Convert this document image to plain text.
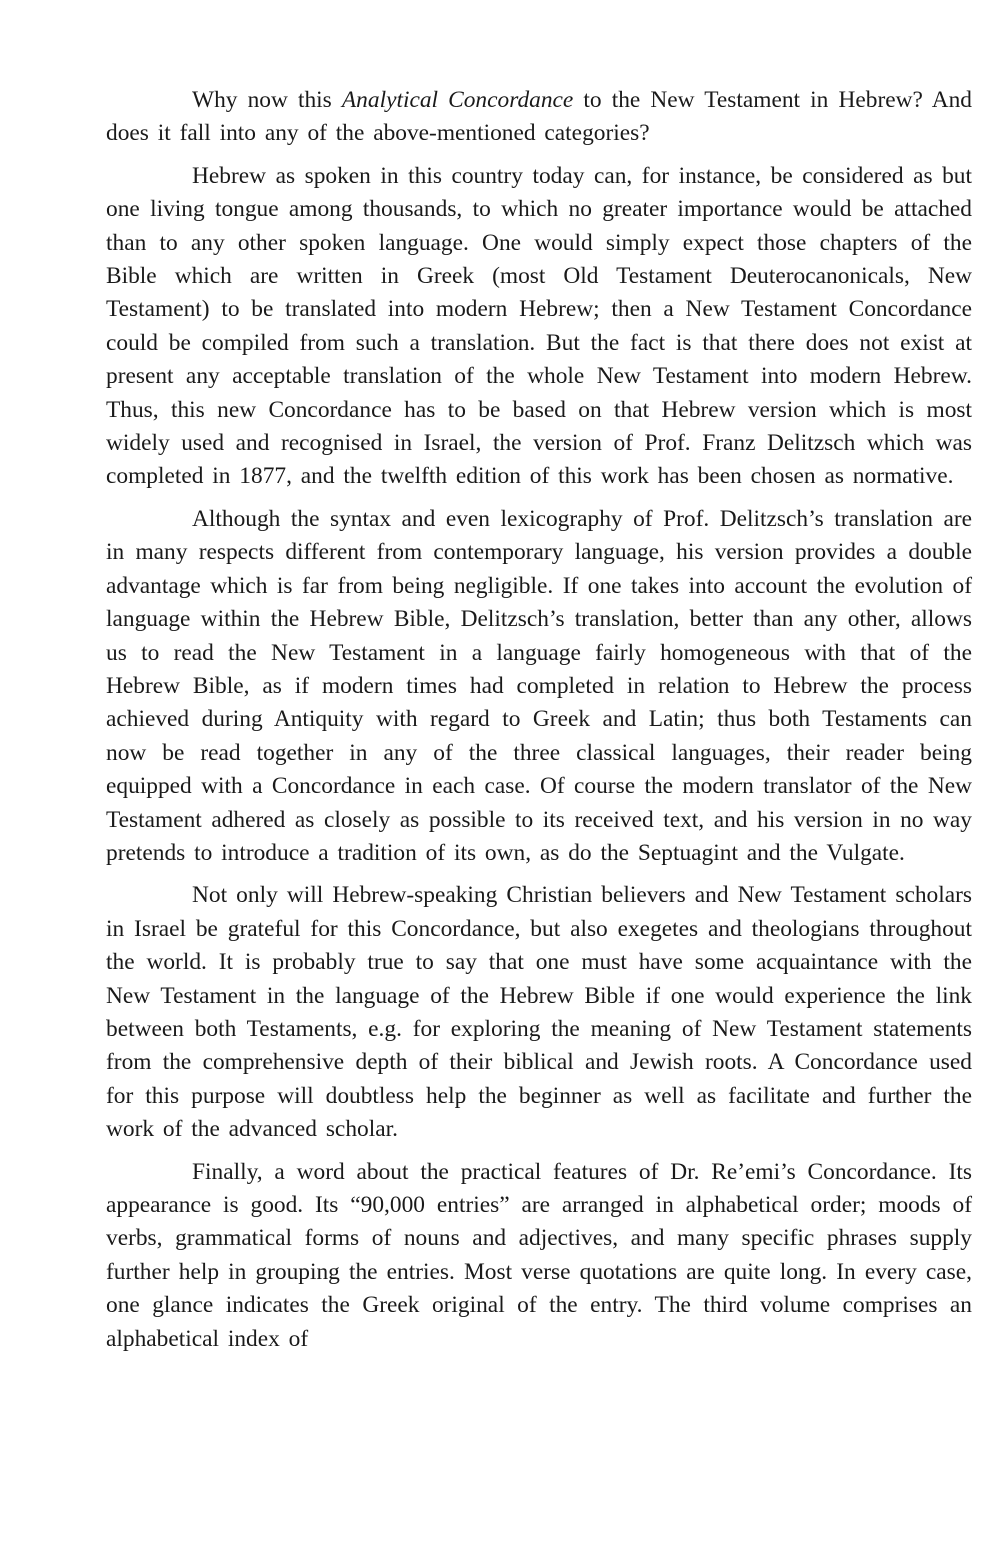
Why now this Analytical Concordance to the New Testament in Hebrew? And does it fall into any of the above-mentioned categories?

Hebrew as spoken in this country today can, for instance, be considered as but one living tongue among thousands, to which no greater importance would be attached than to any other spoken language. One would simply expect those chapters of the Bible which are written in Greek (most Old Testament Deuterocanonicals, New Testament) to be translated into modern Hebrew; then a New Testament Concordance could be compiled from such a translation. But the fact is that there does not exist at present any acceptable translation of the whole New Testament into modern Hebrew. Thus, this new Concordance has to be based on that Hebrew version which is most widely used and recognised in Israel, the version of Prof. Franz Delitzsch which was completed in 1877, and the twelfth edition of this work has been chosen as normative.

Although the syntax and even lexicography of Prof. Delitzsch’s translation are in many respects different from contemporary language, his version provides a double advantage which is far from being negligible. If one takes into account the evolution of language within the Hebrew Bible, Delitzsch’s translation, better than any other, allows us to read the New Testament in a language fairly homogeneous with that of the Hebrew Bible, as if modern times had completed in relation to Hebrew the process achieved during Antiquity with regard to Greek and Latin; thus both Testaments can now be read together in any of the three classical languages, their reader being equipped with a Concordance in each case. Of course the modern translator of the New Testament adhered as closely as possible to its received text, and his version in no way pretends to introduce a tradition of its own, as do the Septuagint and the Vulgate.

Not only will Hebrew-speaking Christian believers and New Testament scholars in Israel be grateful for this Concordance, but also exegetes and theologians throughout the world. It is probably true to say that one must have some acquaintance with the New Testament in the language of the Hebrew Bible if one would experience the link between both Testaments, e.g. for exploring the meaning of New Testament statements from the comprehensive depth of their biblical and Jewish roots. A Concordance used for this purpose will doubtless help the beginner as well as facilitate and further the work of the advanced scholar.

Finally, a word about the practical features of Dr. Re’emi’s Concordance. Its appearance is good. Its “90,000 entries” are arranged in alphabetical order; moods of verbs, grammatical forms of nouns and adjectives, and many specific phrases supply further help in grouping the entries. Most verse quotations are quite long. In every case, one glance indicates the Greek original of the entry. The third volume comprises an alphabetical index of
